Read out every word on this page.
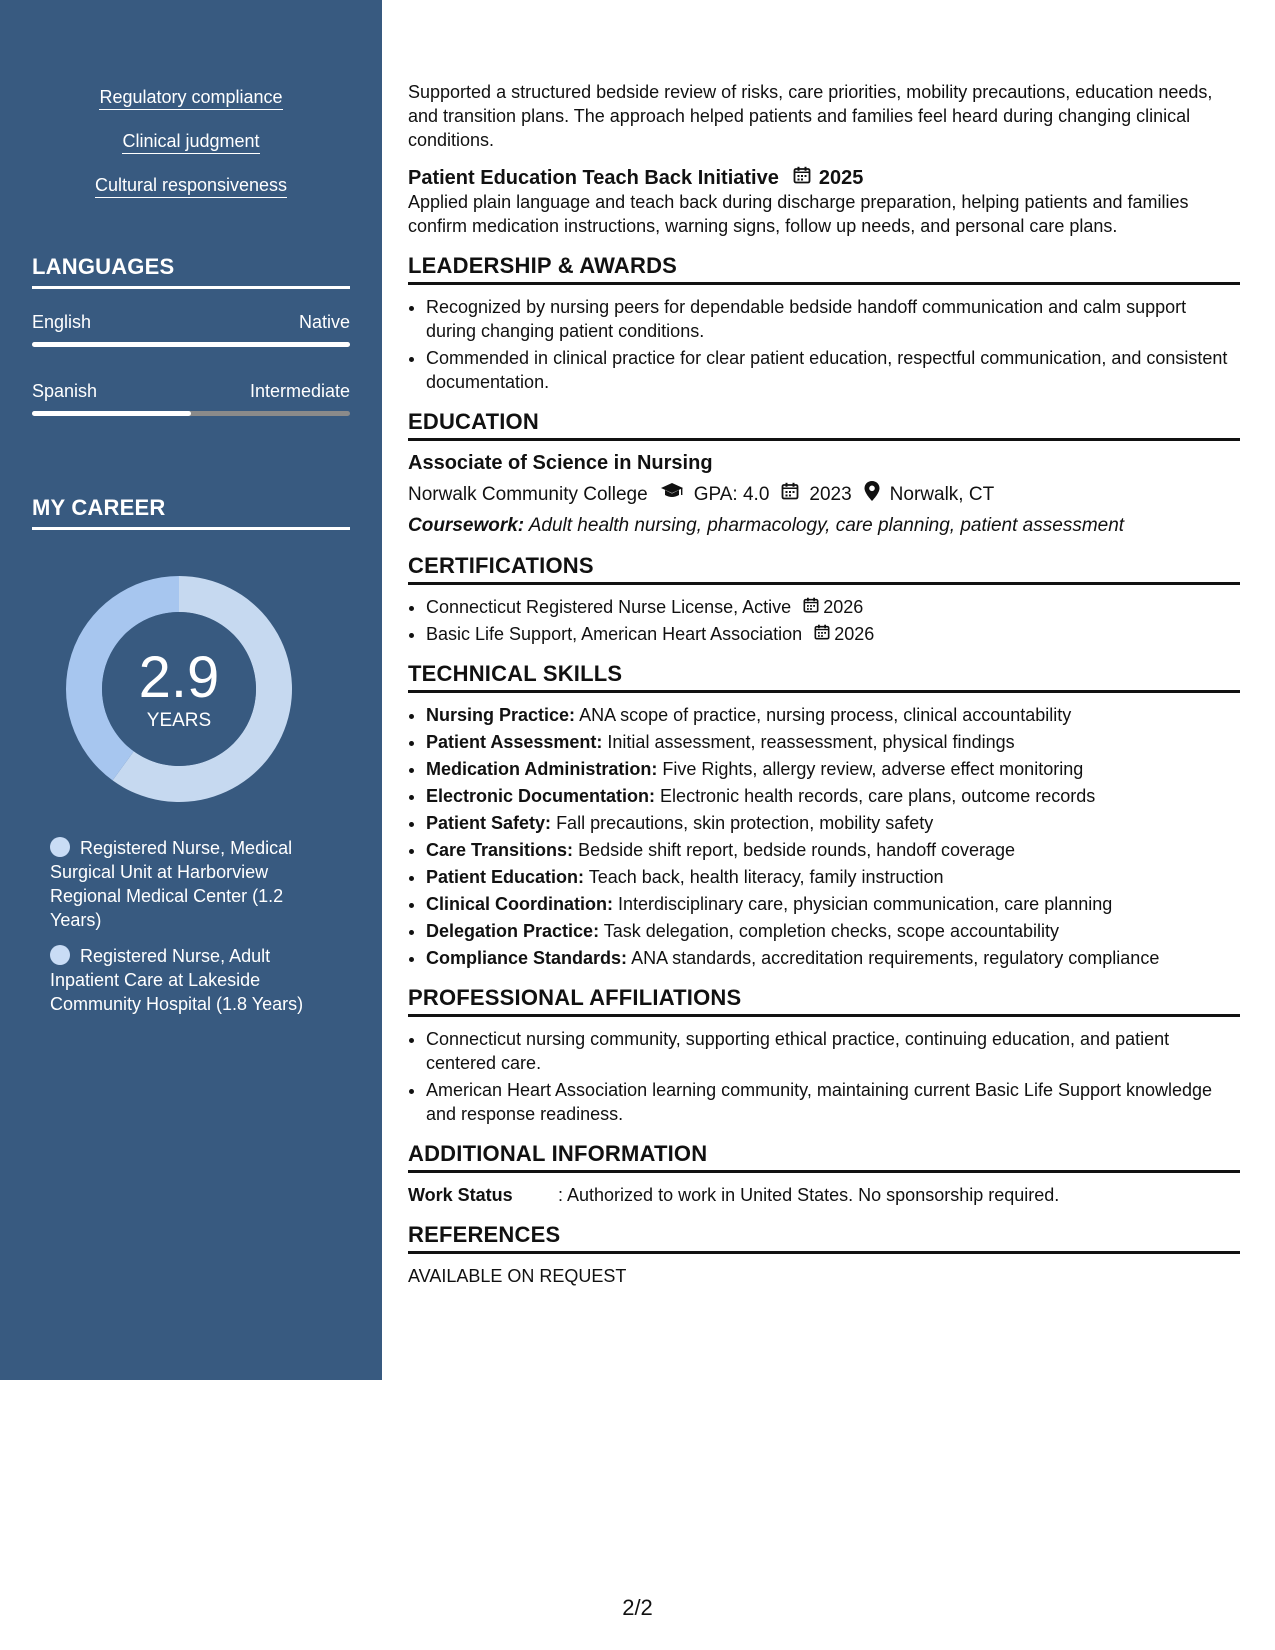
Regulatory compliance
Clinical judgment
Cultural responsiveness
LANGUAGES
English	Native
Spanish	Intermediate
MY CAREER
2.9
YEARS
Registered Nurse, Medical Surgical Unit at Harborview Regional Medical Center (1.2 Years)
Registered Nurse, Adult Inpatient Care at Lakeside Community Hospital (1.8 Years)

Supported a structured bedside review of risks, care priorities, mobility precautions, education needs, and transition plans. The approach helped patients and families feel heard during changing clinical conditions.

Patient Education Teach Back Initiative 2025

Applied plain language and teach back during discharge preparation, helping patients and families confirm medication instructions, warning signs, follow up needs, and personal care plans.

LEADERSHIP & AWARDS
• Recognized by nursing peers for dependable bedside handoff communication and calm support during changing patient conditions.
• Commended in clinical practice for clear patient education, respectful communication, and consistent documentation.
EDUCATION
Associate of Science in Nursing
Norwalk Community College GPA: 4.0 2023 Norwalk, CT
Coursework: Adult health nursing, pharmacology, care planning, patient assessment
CERTIFICATIONS
• Connecticut Registered Nurse License, Active 2026
• Basic Life Support, American Heart Association 2026
TECHNICAL SKILLS
• Nursing Practice: ANA scope of practice, nursing process, clinical accountability
• Patient Assessment: Initial assessment, reassessment, physical findings
• Medication Administration: Five Rights, allergy review, adverse effect monitoring
• Electronic Documentation: Electronic health records, care plans, outcome records
• Patient Safety: Fall precautions, skin protection, mobility safety
• Care Transitions: Bedside shift report, bedside rounds, handoff coverage
• Patient Education: Teach back, health literacy, family instruction
• Clinical Coordination: Interdisciplinary care, physician communication, care planning
• Delegation Practice: Task delegation, completion checks, scope accountability
• Compliance Standards: ANA standards, accreditation requirements, regulatory compliance
PROFESSIONAL AFFILIATIONS
• Connecticut nursing community, supporting ethical practice, continuing education, and patient centered care.
• American Heart Association learning community, maintaining current Basic Life Support knowledge and response readiness.
ADDITIONAL INFORMATION
Work Status	: Authorized to work in United States. No sponsorship required.
REFERENCES
AVAILABLE ON REQUEST
2/2
